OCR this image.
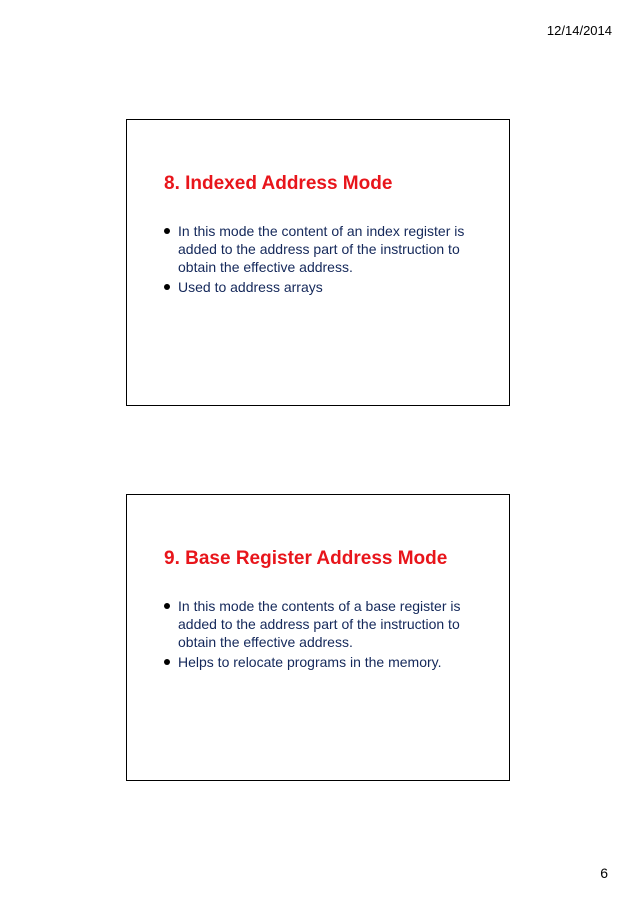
12/14/2014
8. Indexed Address Mode
In this mode the content of an index register is added to the address part of the instruction to obtain the effective address.
Used to address arrays
9. Base Register Address Mode
In this mode the contents of a base register is added to the address part of the instruction to obtain the effective address.
Helps to relocate programs in the memory.
6
